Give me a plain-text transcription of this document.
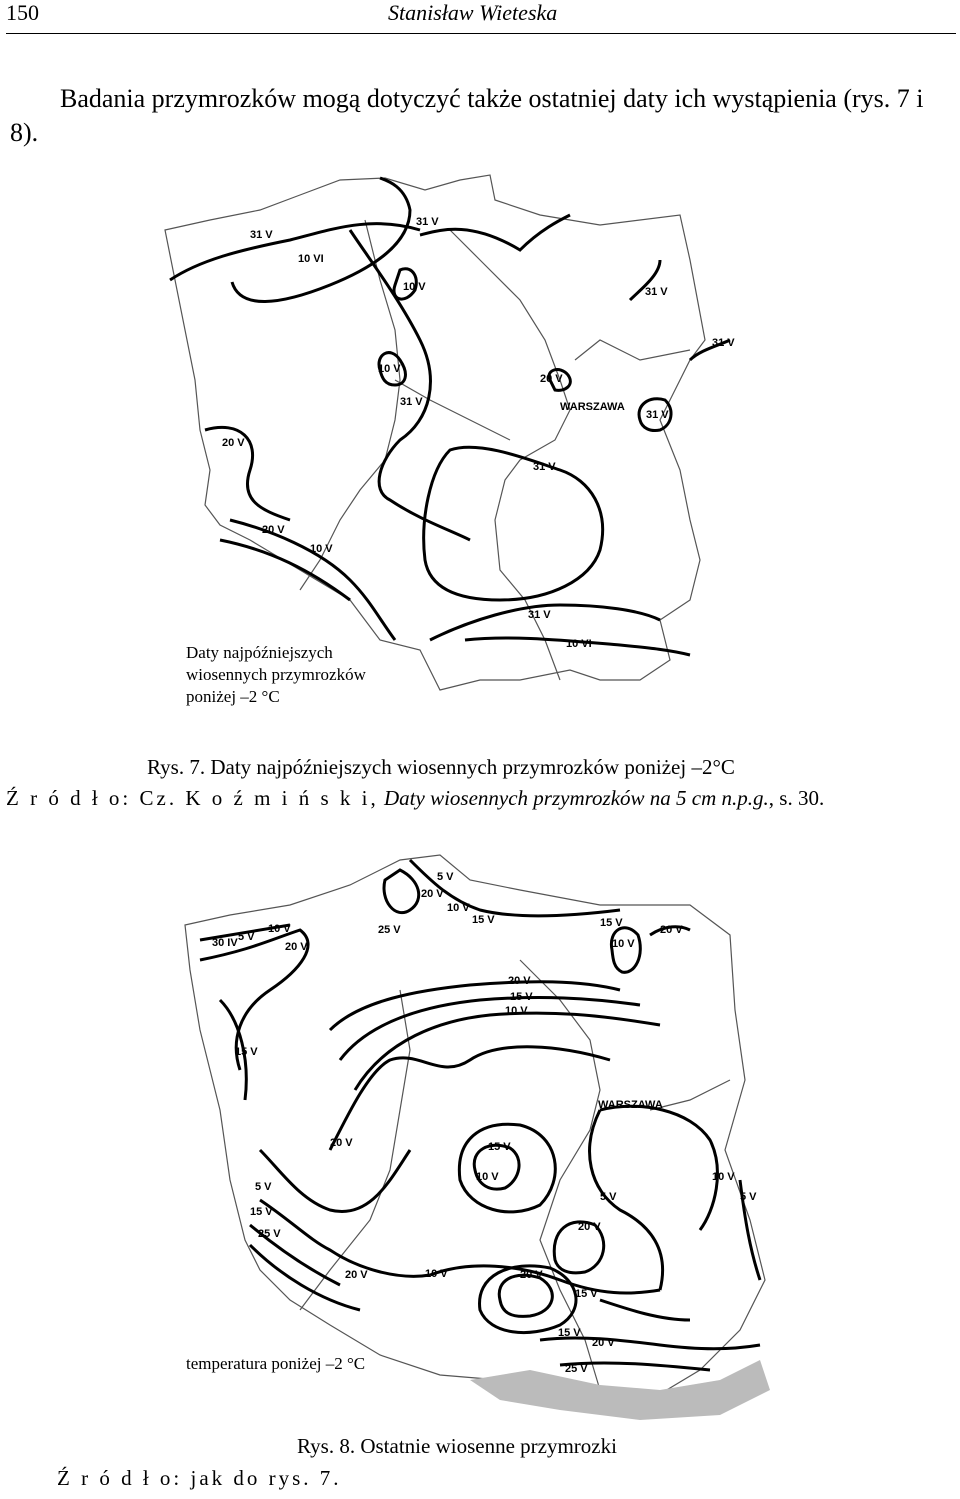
150	Stanisław Wieteska
Badania przymrozków mogą dotyczyć także ostatniej daty ich wystąpienia (rys. 7 i 8).
31 V
10 VI
31 V
10 V	31 V
10 V
31 V
20 V
WARSZAWA
31 V
20 V
31 V
20 V
10 V
31 V
10 VI
31 V
Daty najpóźniejszych
wiosennych przymrozków
poniżej –2 °C
Rys. 7. Daty najpóźniejszych wiosennych przymrozków poniżej –2°C
Ź r ó d ł o: Cz. K o ź m i ń s k i, Daty wiosennych przymrozków na 5 cm n.p.g., s. 30.
5 V
20 V
10 V
15 V
25 V
30 IV 5 V
10 V
20 V
15 V
20 V
10 V
20 V
15 V
10 V
15 V
WARSZAWA
20 V	15 V
10 V	10 V
5 V
5 V
15 V
25 V
5 V
20 V
20 V	10 V	20 V
15 V
15 V
20 V
25 V
temperatura poniżej –2 °C
Rys. 8. Ostatnie wiosenne przymrozki
Ź r ó d ł o: jak do rys. 7.
